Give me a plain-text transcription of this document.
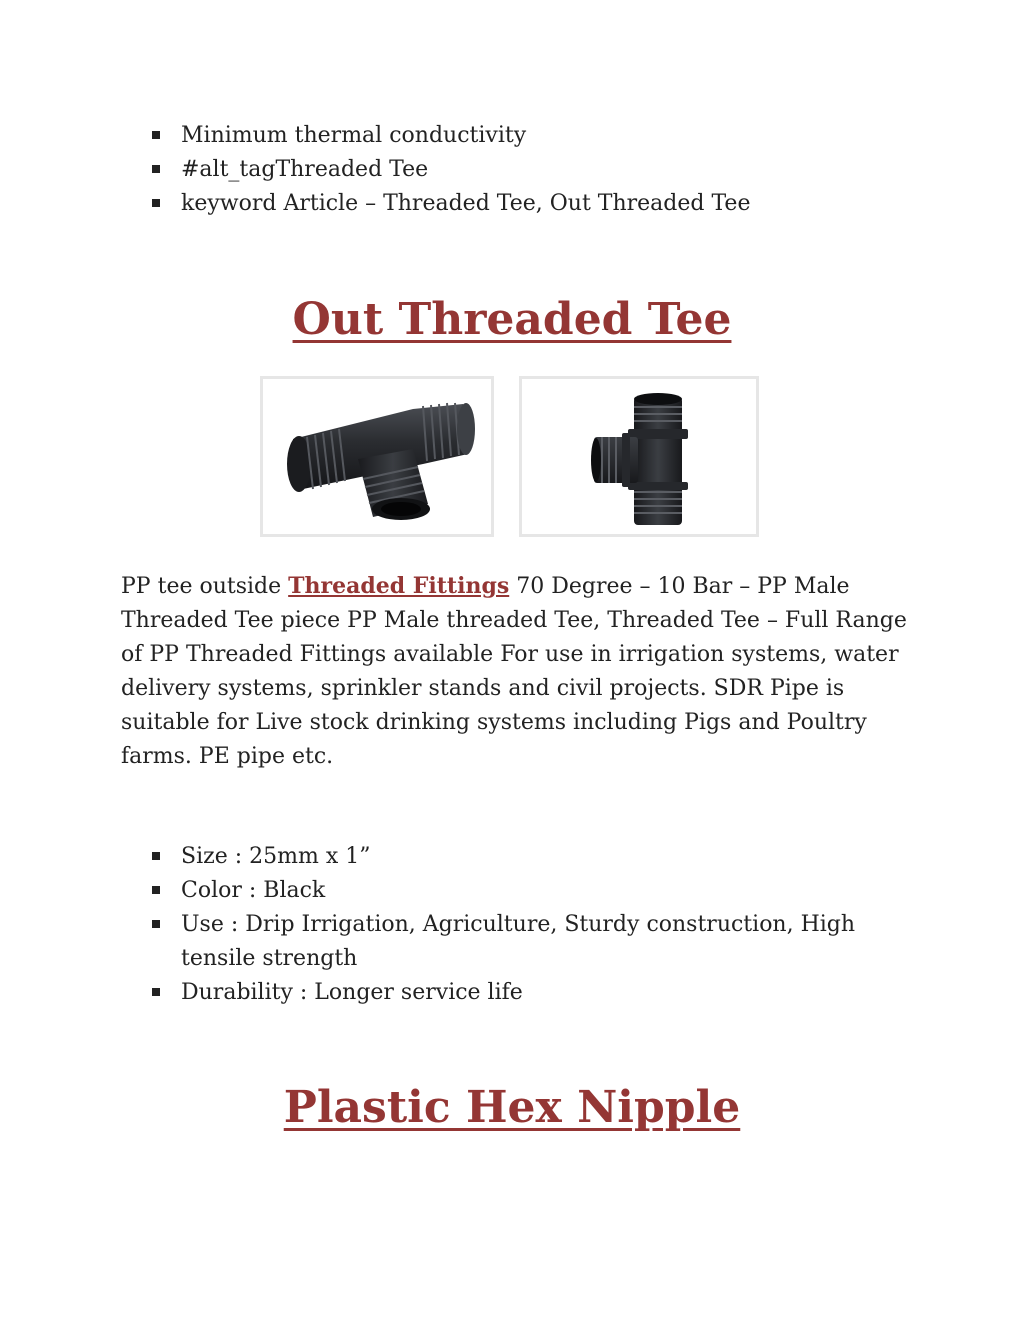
Minimum thermal conductivity
#alt_tagThreaded Tee
keyword Article – Threaded Tee, Out Threaded Tee
Out Threaded Tee

PP tee outside Threaded Fittings 70 Degree – 10 Bar – PP Male Threaded Tee piece PP Male threaded Tee, Threaded Tee – Full Range of PP Threaded Fittings available For use in irrigation systems, water delivery systems, sprinkler stands and civil projects. SDR Pipe is suitable for Live stock drinking systems including Pigs and Poultry farms. PE pipe etc.

Size : 25mm x 1”
Color : Black
Use : Drip Irrigation, Agriculture, Sturdy construction, High tensile strength
Durability : Longer service life
Plastic Hex Nipple
